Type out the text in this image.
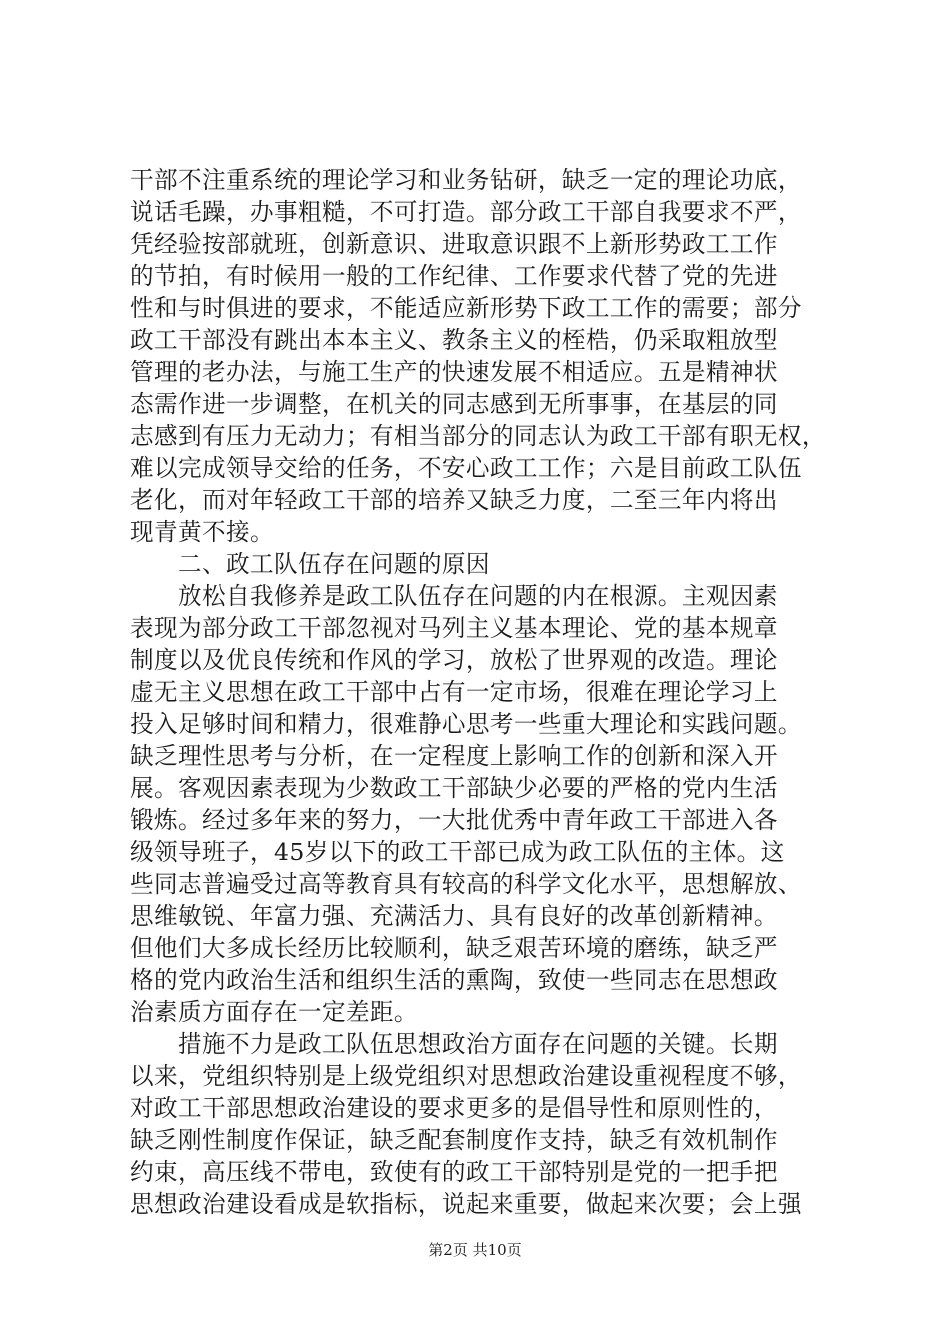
干部不注重系统的理论学习和业务钻研，缺乏一定的理论功底，
说话毛躁，办事粗糙，不可打造。部分政工干部自我要求不严，
凭经验按部就班，创新意识、进取意识跟不上新形势政工工作
的节拍，有时候用一般的工作纪律、工作要求代替了党的先进
性和与时俱进的要求，不能适应新形势下政工工作的需要；部分
政工干部没有跳出本本主义、教条主义的桎梏，仍采取粗放型
管理的老办法，与施工生产的快速发展不相适应。五是精神状
态需作进一步调整，在机关的同志感到无所事事，在基层的同
志感到有压力无动力；有相当部分的同志认为政工干部有职无权，
难以完成领导交给的任务，不安心政工工作；六是目前政工队伍
老化，而对年轻政工干部的培养又缺乏力度，二至三年内将出
现青黄不接。
　　二、政工队伍存在问题的原因
　　放松自我修养是政工队伍存在问题的内在根源。主观因素
表现为部分政工干部忽视对马列主义基本理论、党的基本规章
制度以及优良传统和作风的学习，放松了世界观的改造。理论
虚无主义思想在政工干部中占有一定市场，很难在理论学习上
投入足够时间和精力，很难静心思考一些重大理论和实践问题。
缺乏理性思考与分析，在一定程度上影响工作的创新和深入开
展。客观因素表现为少数政工干部缺少必要的严格的党内生活
锻炼。经过多年来的努力，一大批优秀中青年政工干部进入各
级领导班子，45岁以下的政工干部已成为政工队伍的主体。这
些同志普遍受过高等教育具有较高的科学文化水平，思想解放、
思维敏锐、年富力强、充满活力、具有良好的改革创新精神。
但他们大多成长经历比较顺利，缺乏艰苦环境的磨练，缺乏严
格的党内政治生活和组织生活的熏陶，致使一些同志在思想政
治素质方面存在一定差距。
　　措施不力是政工队伍思想政治方面存在问题的关键。长期
以来，党组织特别是上级党组织对思想政治建设重视程度不够，
对政工干部思想政治建设的要求更多的是倡导性和原则性的，
缺乏刚性制度作保证，缺乏配套制度作支持，缺乏有效机制作
约束，高压线不带电，致使有的政工干部特别是党的一把手把
思想政治建设看成是软指标，说起来重要，做起来次要；会上强
第2页 共10页
